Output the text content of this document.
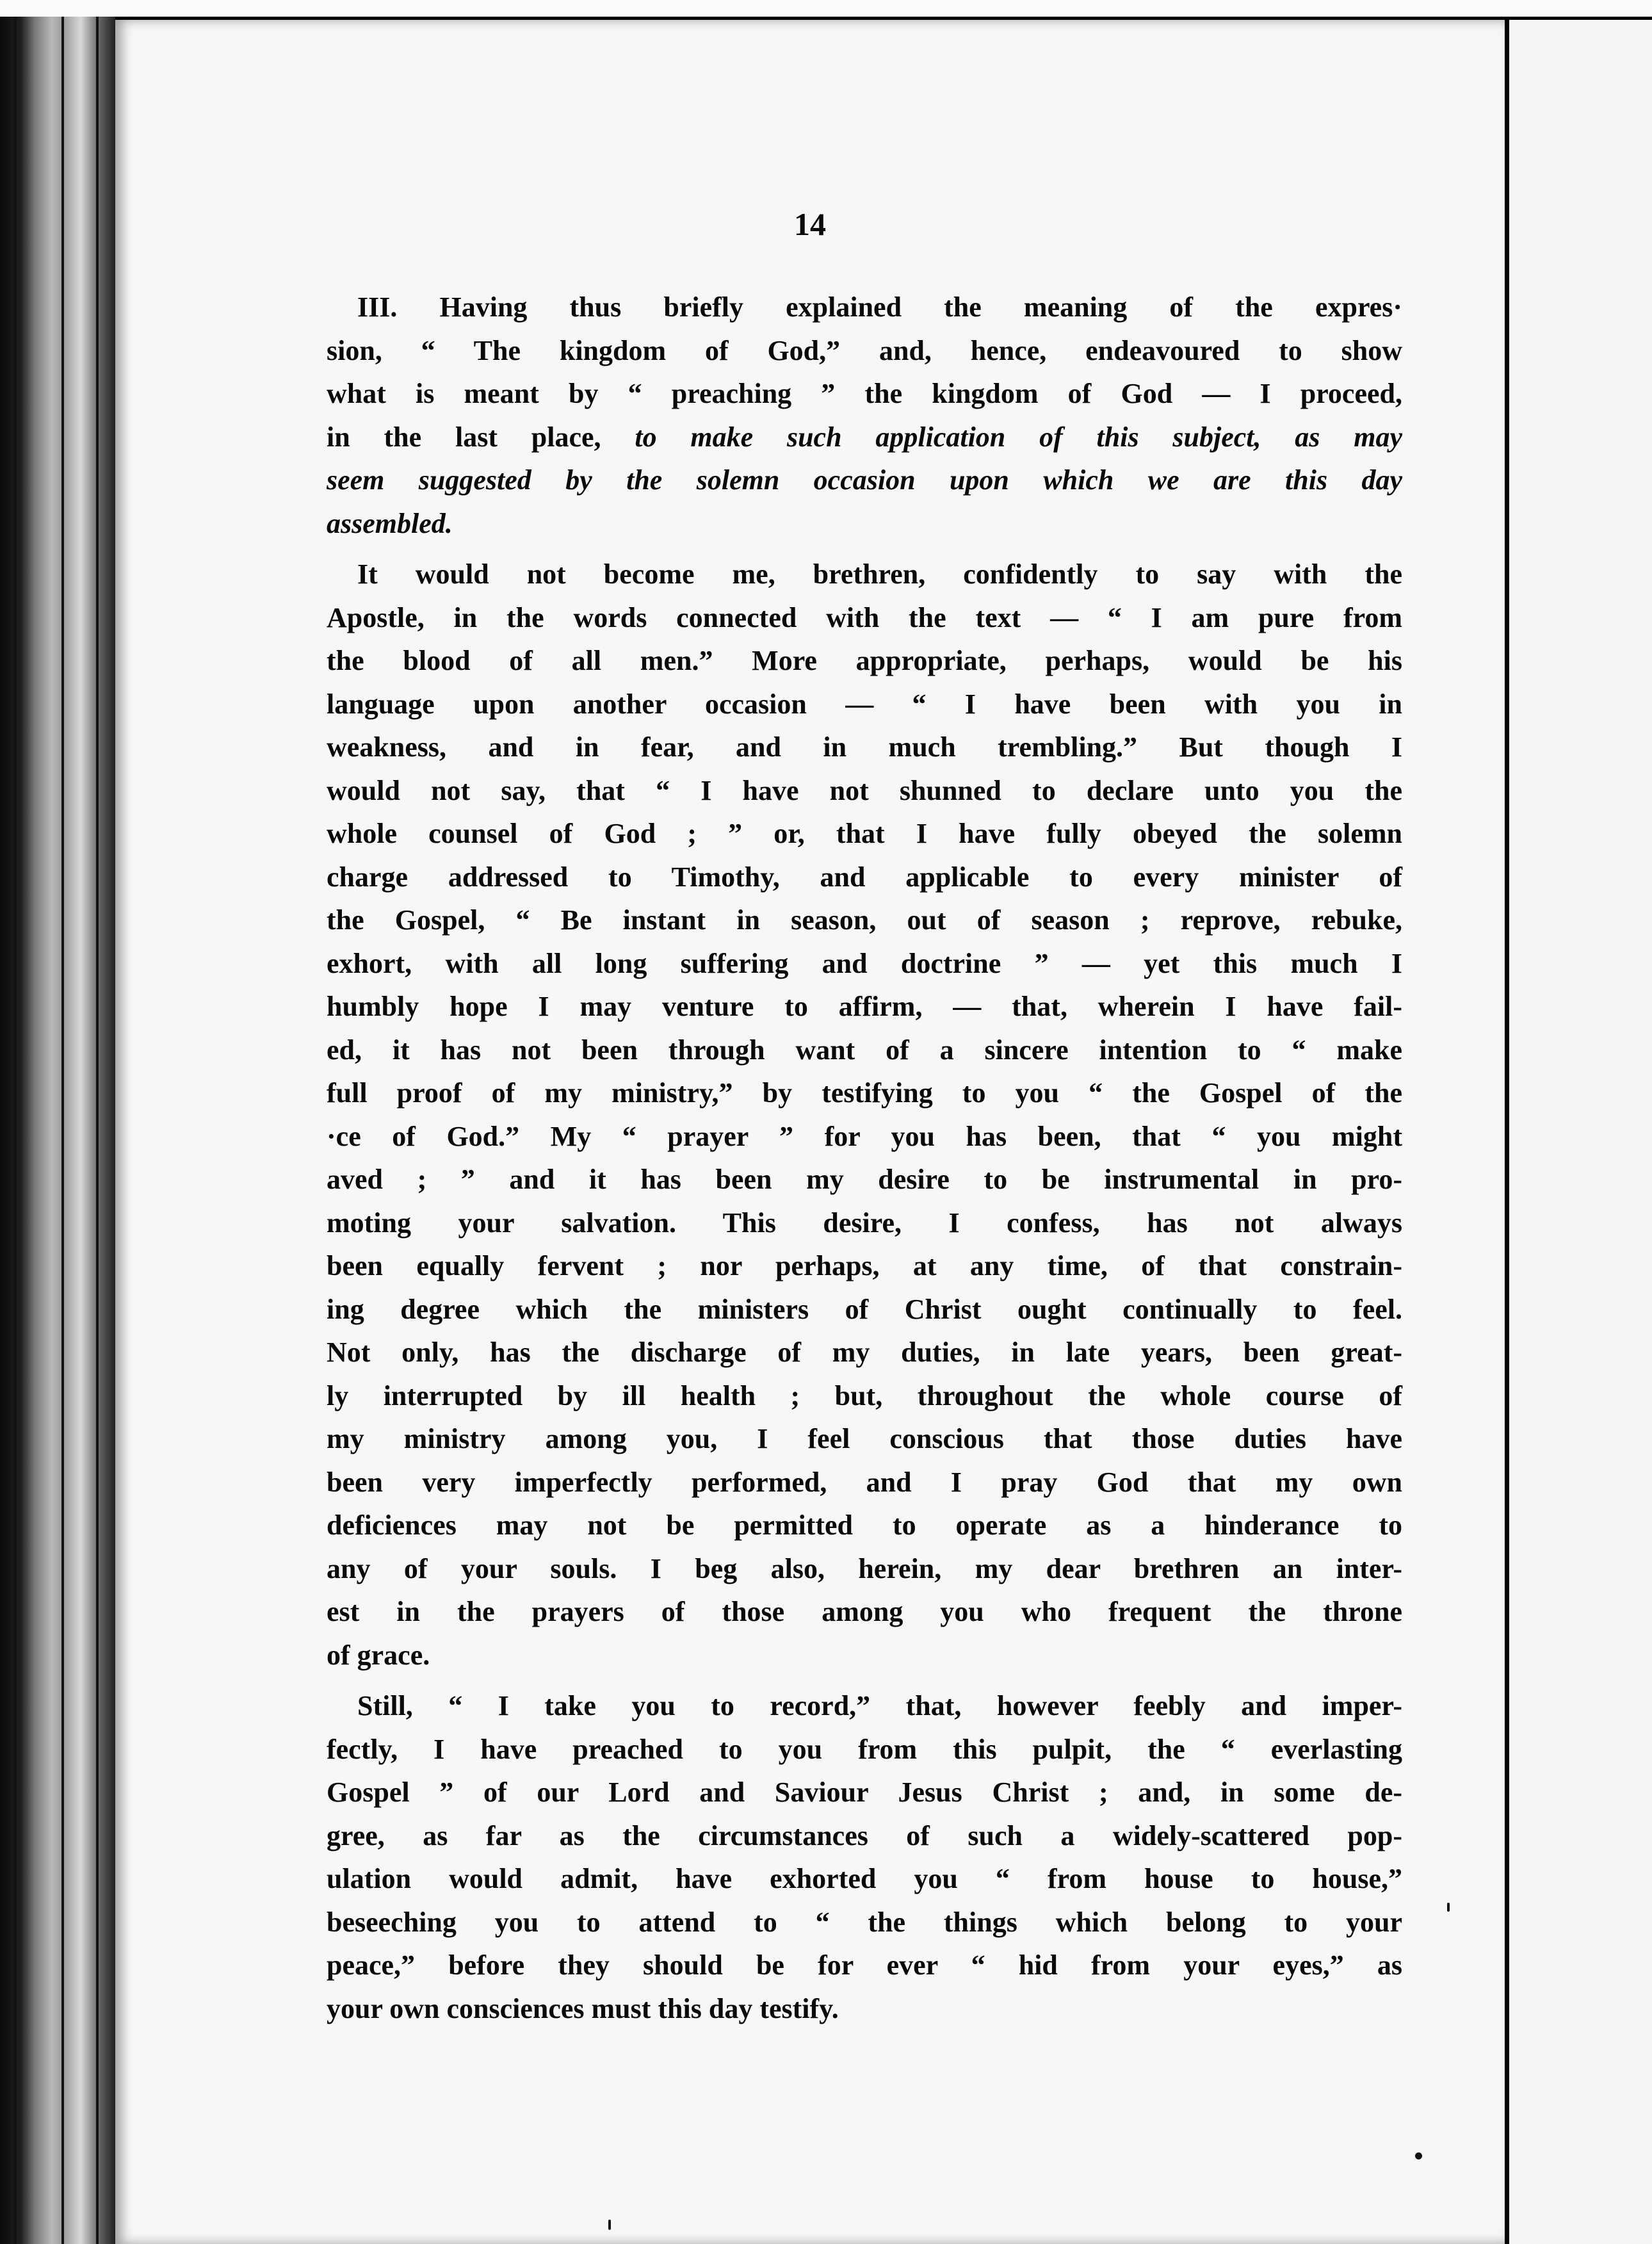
14

III. Having thus briefly explained the meaning of the expres·
sion, “ The kingdom of God,” and, hence, endeavoured to show
what is meant by “ preaching ” the kingdom of God — I proceed,
in the last place, to make such application of this subject, as may
seem suggested by the solemn occasion upon which we are this day
assembled.

It would not become me, brethren, confidently to say with the
Apostle, in the words connected with the text — “ I am pure from
the blood of all men.” More appropriate, perhaps, would be his
language upon another occasion — “ I have been with you in
weakness, and in fear, and in much trembling.” But though I
would not say, that “ I have not shunned to declare unto you the
whole counsel of God ; ” or, that I have fully obeyed the solemn
charge addressed to Timothy, and applicable to every minister of
the Gospel, “ Be instant in season, out of season ; reprove, rebuke,
exhort, with all long suffering and doctrine ” — yet this much I
humbly hope I may venture to affirm, — that, wherein I have fail-
ed, it has not been through want of a sincere intention to “ make
full proof of my ministry,” by testifying to you “ the Gospel of the
·ce of God.” My “ prayer ” for you has been, that “ you might
aved ; ” and it has been my desire to be instrumental in pro-
moting your salvation. This desire, I confess, has not always
been equally fervent ; nor perhaps, at any time, of that constrain-
ing degree which the ministers of Christ ought continually to feel.
Not only, has the discharge of my duties, in late years, been great-
ly interrupted by ill health ; but, throughout the whole course of
my ministry among you, I feel conscious that those duties have
been very imperfectly performed, and I pray God that my own
deficiences may not be permitted to operate as a hinderance to
any of your souls. I beg also, herein, my dear brethren an inter-
est in the prayers of those among you who frequent the throne
of grace.

Still, “ I take you to record,” that, however feebly and imper-
fectly, I have preached to you from this pulpit, the “ everlasting
Gospel ” of our Lord and Saviour Jesus Christ ; and, in some de-
gree, as far as the circumstances of such a widely-scattered pop-
ulation would admit, have exhorted you “ from house to house,”
beseeching you to attend to “ the things which belong to your
peace,” before they should be for ever “ hid from your eyes,” as
your own consciences must this day testify.
